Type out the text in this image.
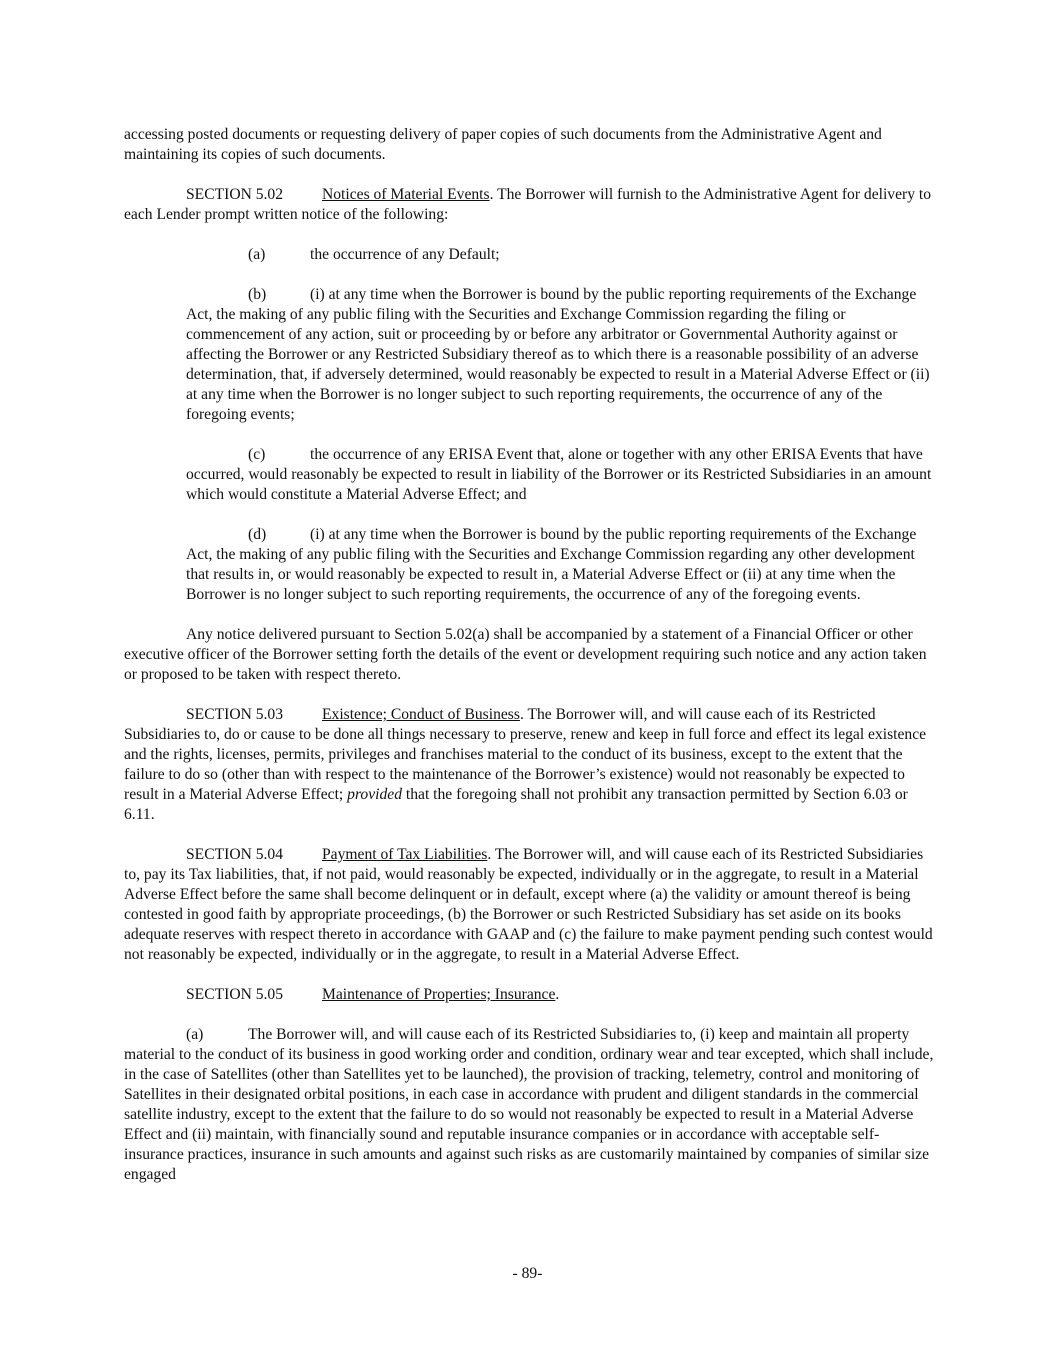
accessing posted documents or requesting delivery of paper copies of such documents from the Administrative Agent and maintaining its copies of such documents.

SECTION 5.02 Notices of Material Events. The Borrower will furnish to the Administrative Agent for delivery to each Lender prompt written notice of the following:

(a)	the occurrence of any Default;

(b)	(i) at any time when the Borrower is bound by the public reporting requirements of the Exchange Act, the making of any public filing with the Securities and Exchange Commission regarding the filing or commencement of any action, suit or proceeding by or before any arbitrator or Governmental Authority against or affecting the Borrower or any Restricted Subsidiary thereof as to which there is a reasonable possibility of an adverse determination, that, if adversely determined, would reasonably be expected to result in a Material Adverse Effect or (ii) at any time when the Borrower is no longer subject to such reporting requirements, the occurrence of any of the foregoing events;

(c)	the occurrence of any ERISA Event that, alone or together with any other ERISA Events that have occurred, would reasonably be expected to result in liability of the Borrower or its Restricted Subsidiaries in an amount which would constitute a Material Adverse Effect; and

(d)	(i) at any time when the Borrower is bound by the public reporting requirements of the Exchange Act, the making of any public filing with the Securities and Exchange Commission regarding any other development that results in, or would reasonably be expected to result in, a Material Adverse Effect or (ii) at any time when the Borrower is no longer subject to such reporting requirements, the occurrence of any of the foregoing events.

Any notice delivered pursuant to Section 5.02(a) shall be accompanied by a statement of a Financial Officer or other executive officer of the Borrower setting forth the details of the event or development requiring such notice and any action taken or proposed to be taken with respect thereto.

SECTION 5.03 Existence; Conduct of Business. The Borrower will, and will cause each of its Restricted Subsidiaries to, do or cause to be done all things necessary to preserve, renew and keep in full force and effect its legal existence and the rights, licenses, permits, privileges and franchises material to the conduct of its business, except to the extent that the failure to do so (other than with respect to the maintenance of the Borrower’s existence) would not reasonably be expected to result in a Material Adverse Effect; provided that the foregoing shall not prohibit any transaction permitted by Section 6.03 or 6.11.

SECTION 5.04 Payment of Tax Liabilities. The Borrower will, and will cause each of its Restricted Subsidiaries to, pay its Tax liabilities, that, if not paid, would reasonably be expected, individually or in the aggregate, to result in a Material Adverse Effect before the same shall become delinquent or in default, except where (a) the validity or amount thereof is being contested in good faith by appropriate proceedings, (b) the Borrower or such Restricted Subsidiary has set aside on its books adequate reserves with respect thereto in accordance with GAAP and (c) the failure to make payment pending such contest would not reasonably be expected, individually or in the aggregate, to result in a Material Adverse Effect.

SECTION 5.05 Maintenance of Properties; Insurance.

(a)	The Borrower will, and will cause each of its Restricted Subsidiaries to, (i) keep and maintain all property material to the conduct of its business in good working order and condition, ordinary wear and tear excepted, which shall include, in the case of Satellites (other than Satellites yet to be launched), the provision of tracking, telemetry, control and monitoring of Satellites in their designated orbital positions, in each case in accordance with prudent and diligent standards in the commercial satellite industry, except to the extent that the failure to do so would not reasonably be expected to result in a Material Adverse Effect and (ii) maintain, with financially sound and reputable insurance companies or in accordance with acceptable self-insurance practices, insurance in such amounts and against such risks as are customarily maintained by companies of similar size engaged

- 89-
